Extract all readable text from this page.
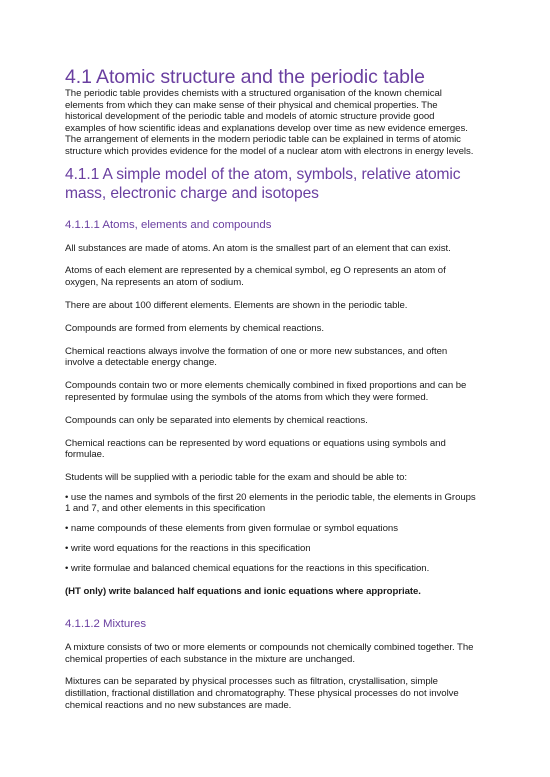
4.1 Atomic structure and the periodic table

The periodic table provides chemists with a structured organisation of the known chemical elements from which they can make sense of their physical and chemical properties. The historical development of the periodic table and models of atomic structure provide good examples of how scientific ideas and explanations develop over time as new evidence emerges. The arrangement of elements in the modern periodic table can be explained in terms of atomic structure which provides evidence for the model of a nuclear atom with electrons in energy levels.

4.1.1 A simple model of the atom, symbols, relative atomic mass, electronic charge and isotopes
4.1.1.1 Atoms, elements and compounds

All substances are made of atoms. An atom is the smallest part of an element that can exist.

Atoms of each element are represented by a chemical symbol, eg O represents an atom of oxygen, Na represents an atom of sodium.

There are about 100 different elements. Elements are shown in the periodic table.

Compounds are formed from elements by chemical reactions.

Chemical reactions always involve the formation of one or more new substances, and often involve a detectable energy change.

Compounds contain two or more elements chemically combined in fixed proportions and can be represented by formulae using the symbols of the atoms from which they were formed.

Compounds can only be separated into elements by chemical reactions.

Chemical reactions can be represented by word equations or equations using symbols and formulae.

Students will be supplied with a periodic table for the exam and should be able to:

• use the names and symbols of the first 20 elements in the periodic table, the elements in Groups 1 and 7, and other elements in this specification

• name compounds of these elements from given formulae or symbol equations

• write word equations for the reactions in this specification

• write formulae and balanced chemical equations for the reactions in this specification.

(HT only) write balanced half equations and ionic equations where appropriate.

4.1.1.2 Mixtures

A mixture consists of two or more elements or compounds not chemically combined together. The chemical properties of each substance in the mixture are unchanged.

Mixtures can be separated by physical processes such as filtration, crystallisation, simple distillation, fractional distillation and chromatography. These physical processes do not involve chemical reactions and no new substances are made.
